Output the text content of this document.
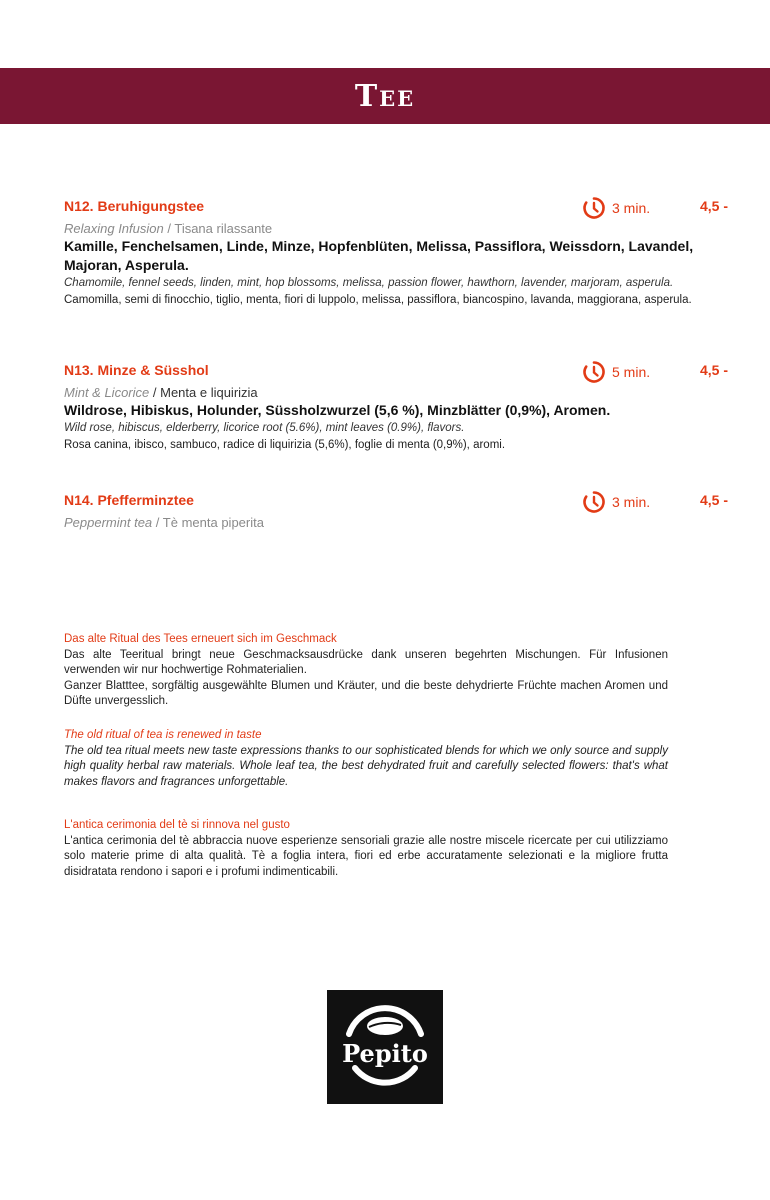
Tee
N12. Beruhigungstee	3 min.	4,5 -
Relaxing Infusion / Tisana rilassante
Kamille, Fenchelsamen, Linde, Minze, Hopfenblüten, Melissa, Passiflora, Weissdorn, Lavandel, Majoran, Asperula.
Chamomile, fennel seeds, linden, mint, hop blossoms, melissa, passion flower, hawthorn, lavender, marjoram, asperula.
Camomilla, semi di finocchio, tiglio, menta, fiori di luppolo, melissa, passiflora, biancospino, lavanda, maggiorana, asperula.
N13. Minze & Süsshol	5 min.	4,5 -
Mint & Licorice / Menta e liquirizia
Wildrose, Hibiskus, Holunder, Süssholzwurzel (5,6 %), Minzblätter (0,9%), Aromen.
Wild rose, hibiscus, elderberry, licorice root (5.6%), mint leaves (0.9%), flavors.
Rosa canina, ibisco, sambuco, radice di liquirizia (5,6%), foglie di menta (0,9%), aromi.
N14. Pfefferminztee	3 min.	4,5 -
Peppermint tea / Tè menta piperita
Das alte Ritual des Tees erneuert sich im Geschmack
Das alte Teeritual bringt neue Geschmacksausdrücke dank unseren begehrten Mischungen. Für Infusionen verwenden wir nur hochwertige Rohmaterialien.
Ganzer Blatttee, sorgfältig ausgewählte Blumen und Kräuter, und die beste dehydrierte Früchte machen Aromen und Düfte unvergesslich.
The old ritual of tea is renewed in taste
The old tea ritual meets new taste expressions thanks to our sophisticated blends for which we only source and supply high quality herbal raw materials. Whole leaf tea, the best dehydrated fruit and carefully selected flowers: that's what makes flavors and fragrances unforgettable.
L'antica cerimonia del tè si rinnova nel gusto
L'antica cerimonia del tè abbraccia nuove esperienze sensoriali grazie alle nostre miscele ricercate per cui utilizziamo solo materie prime di alta qualità. Tè a foglia intera, fiori ed erbe accuratamente selezionati e la migliore frutta disidratata rendono i sapori e i profumi indimenticabili.
Pepito
